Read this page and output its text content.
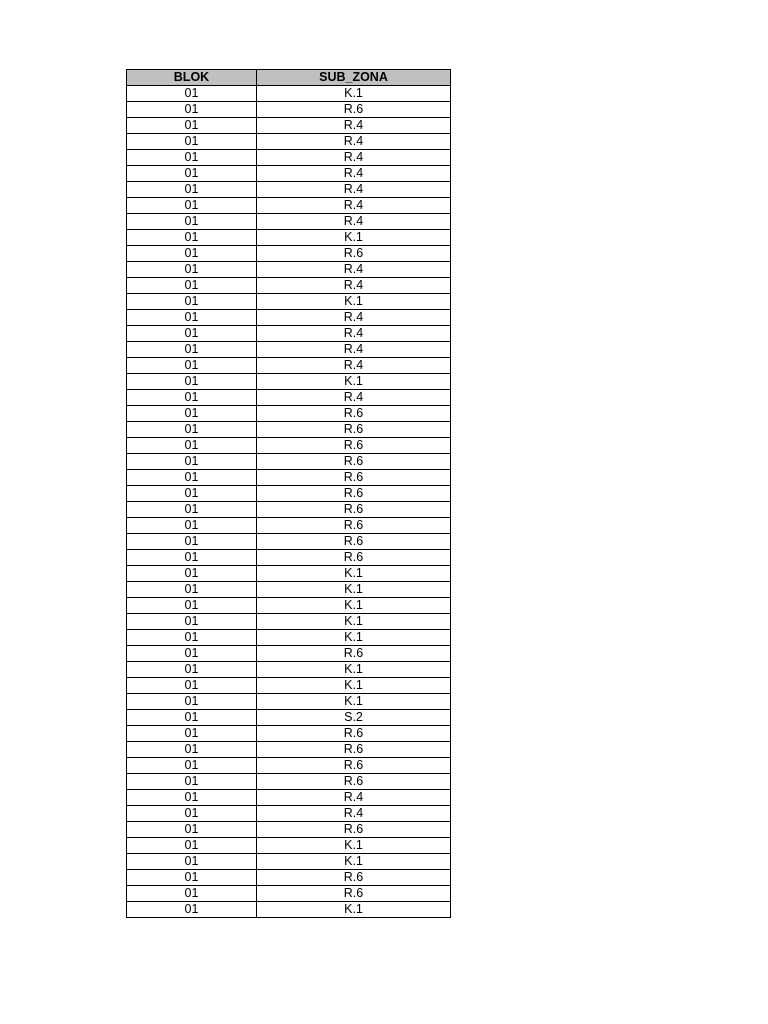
BLOK	SUB_ZONA
01	K.1
01	R.6
01	R.4
01	R.4
01	R.4
01	R.4
01	R.4
01	R.4
01	R.4
01	K.1
01	R.6
01	R.4
01	R.4
01	K.1
01	R.4
01	R.4
01	R.4
01	R.4
01	K.1
01	R.4
01	R.6
01	R.6
01	R.6
01	R.6
01	R.6
01	R.6
01	R.6
01	R.6
01	R.6
01	R.6
01	K.1
01	K.1
01	K.1
01	K.1
01	K.1
01	R.6
01	K.1
01	K.1
01	K.1
01	S.2
01	R.6
01	R.6
01	R.6
01	R.6
01	R.4
01	R.4
01	R.6
01	K.1
01	K.1
01	R.6
01	R.6
01	K.1
